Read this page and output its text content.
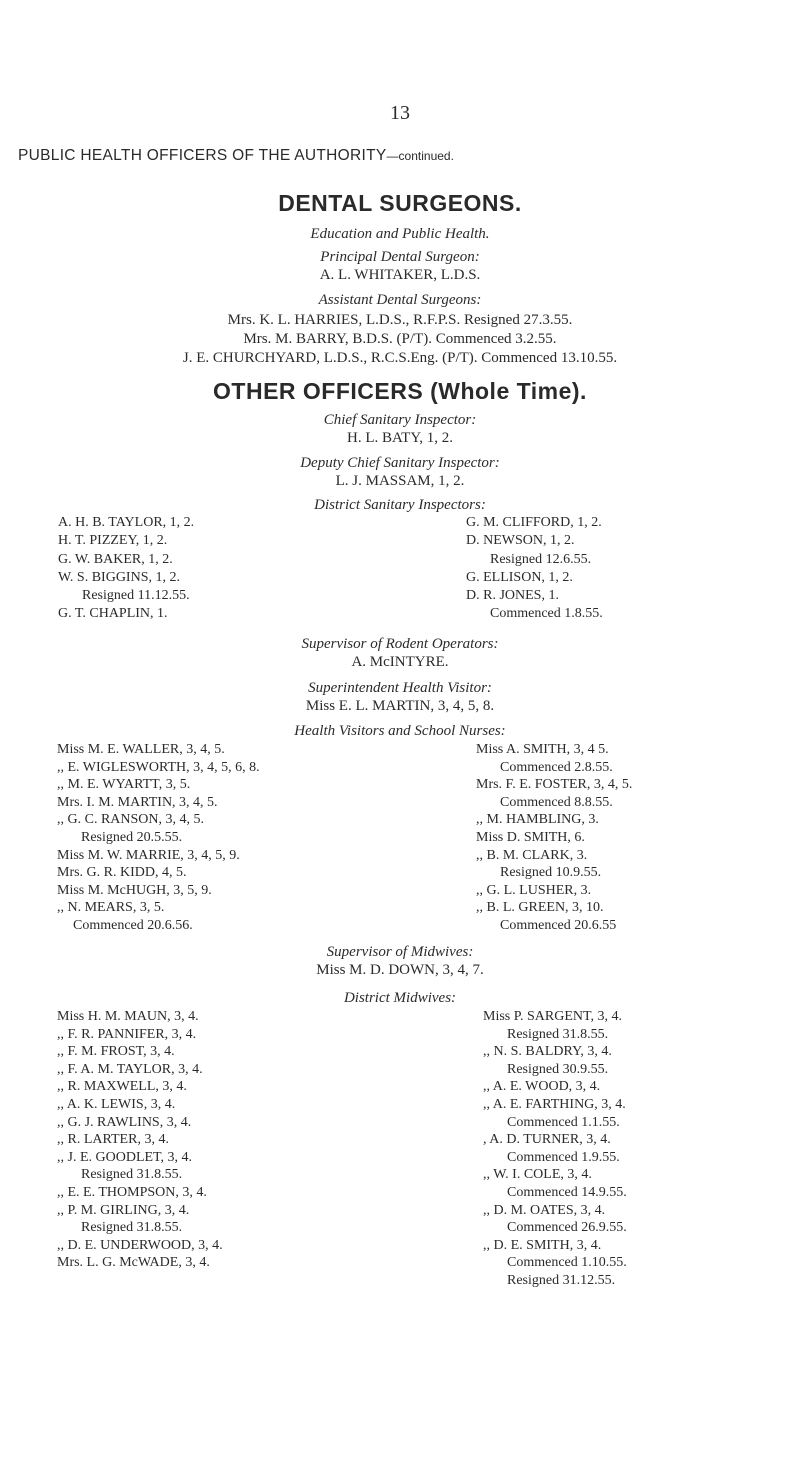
13
PUBLIC HEALTH OFFICERS OF THE AUTHORITY—continued.
DENTAL SURGEONS.
Education and Public Health.
Principal Dental Surgeon:
A. L. WHITAKER, L.D.S.
Assistant Dental Surgeons:
Mrs. K. L. HARRIES, L.D.S., R.F.P.S. Resigned 27.3.55.
Mrs. M. BARRY, B.D.S. (P/T). Commenced 3.2.55.
J. E. CHURCHYARD, L.D.S., R.C.S.Eng. (P/T). Commenced 13.10.55.
OTHER OFFICERS (Whole Time).
Chief Sanitary Inspector:
H. L. BATY, 1, 2.
Deputy Chief Sanitary Inspector:
L. J. MASSAM, 1, 2.
District Sanitary Inspectors:
A. H. B. TAYLOR, 1, 2.
H. T. PIZZEY, 1, 2.
G. W. BAKER, 1, 2.
W. S. BIGGINS, 1, 2.
Resigned 11.12.55.
G. T. CHAPLIN, 1.
G. M. CLIFFORD, 1, 2.
D. NEWSON, 1, 2.
Resigned 12.6.55.
G. ELLISON, 1, 2.
D. R. JONES, 1.
Commenced 1.8.55.
Supervisor of Rodent Operators:
A. McINTYRE.
Superintendent Health Visitor:
Miss E. L. MARTIN, 3, 4, 5, 8.
Health Visitors and School Nurses:
Miss M. E. WALLER, 3, 4, 5.
,, E. WIGLESWORTH, 3, 4, 5, 6, 8.
,, M. E. WYARTT, 3, 5.
Mrs. I. M. MARTIN, 3, 4, 5.
,, G. C. RANSON, 3, 4, 5.
Resigned 20.5.55.
Miss M. W. MARRIE, 3, 4, 5, 9.
Mrs. G. R. KIDD, 4, 5.
Miss M. McHUGH, 3, 5, 9.
,, N. MEARS, 3, 5.
Commenced 20.6.56.
Miss A. SMITH, 3, 4 5.
Commenced 2.8.55.
Mrs. F. E. FOSTER, 3, 4, 5.
Commenced 8.8.55.
,, M. HAMBLING, 3.
Miss D. SMITH, 6.
,, B. M. CLARK, 3.
Resigned 10.9.55.
,, G. L. LUSHER, 3.
,, B. L. GREEN, 3, 10.
Commenced 20.6.55
Supervisor of Midwives:
Miss M. D. DOWN, 3, 4, 7.
District Midwives:
Miss H. M. MAUN, 3, 4.
,, F. R. PANNIFER, 3, 4.
,, F. M. FROST, 3, 4.
,, F. A. M. TAYLOR, 3, 4.
,, R. MAXWELL, 3, 4.
,, A. K. LEWIS, 3, 4.
,, G. J. RAWLINS, 3, 4.
,, R. LARTER, 3, 4.
,, J. E. GOODLET, 3, 4.
Resigned 31.8.55.
,, E. E. THOMPSON, 3, 4.
,, P. M. GIRLING, 3, 4.
Resigned 31.8.55.
,, D. E. UNDERWOOD, 3, 4.
Mrs. L. G. McWADE, 3, 4.
Miss P. SARGENT, 3, 4.
Resigned 31.8.55.
,, N. S. BALDRY, 3, 4.
Resigned 30.9.55.
,, A. E. WOOD, 3, 4.
,, A. E. FARTHING, 3, 4.
Commenced 1.1.55.
, A. D. TURNER, 3, 4.
Commenced 1.9.55.
,, W. I. COLE, 3, 4.
Commenced 14.9.55.
,, D. M. OATES, 3, 4.
Commenced 26.9.55.
,, D. E. SMITH, 3, 4.
Commenced 1.10.55.
Resigned 31.12.55.
